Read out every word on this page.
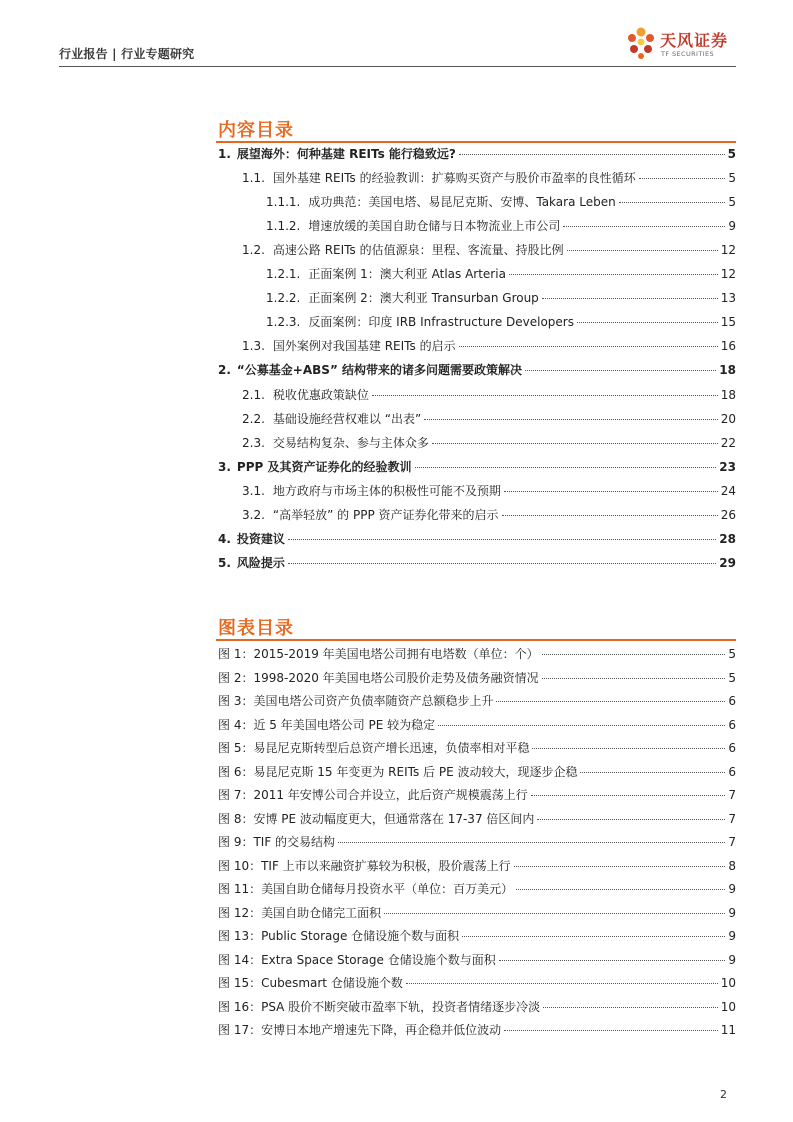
行业报告 | 行业专题研究
天风证券
TF SECURITIES
内容目录
1. 展望海外：何种基建 REITs 能行稳致远?	5
1.1. 国外基建 REITs 的经验教训：扩募购买资产与股价市盈率的良性循环	5
1.1.1. 成功典范：美国电塔、易昆尼克斯、安博、Takara Leben	5
1.1.2. 增速放缓的美国自助仓储与日本物流业上市公司	9
1.2. 高速公路 REITs 的估值源泉：里程、客流量、持股比例	12
1.2.1. 正面案例 1：澳大利亚 Atlas Arteria	12
1.2.2. 正面案例 2：澳大利亚 Transurban Group	13
1.2.3. 反面案例：印度 IRB Infrastructure Developers	15
1.3. 国外案例对我国基建 REITs 的启示	16
2. “公募基金+ABS” 结构带来的诸多问题需要政策解决	18
2.1. 税收优惠政策缺位	18
2.2. 基础设施经营权难以 “出表”	20
2.3. 交易结构复杂、参与主体众多	22
3. PPP 及其资产证券化的经验教训	23
3.1. 地方政府与市场主体的积极性可能不及预期	24
3.2. “高举轻放” 的 PPP 资产证券化带来的启示	26
4. 投资建议	28
5. 风险提示	29
图表目录
图 1：2015-2019 年美国电塔公司拥有电塔数（单位：个）	5
图 2：1998-2020 年美国电塔公司股价走势及债务融资情况	5
图 3：美国电塔公司资产负债率随资产总额稳步上升	6
图 4：近 5 年美国电塔公司 PE 较为稳定	6
图 5：易昆尼克斯转型后总资产增长迅速，负债率相对平稳	6
图 6：易昆尼克斯 15 年变更为 REITs 后 PE 波动较大，现逐步企稳	6
图 7：2011 年安博公司合并设立，此后资产规模震荡上行	7
图 8：安博 PE 波动幅度更大，但通常落在 17-37 倍区间内	7
图 9：TIF 的交易结构	7
图 10：TIF 上市以来融资扩募较为积极，股价震荡上行	8
图 11：美国自助仓储每月投资水平（单位：百万美元）	9
图 12：美国自助仓储完工面积	9
图 13：Public Storage 仓储设施个数与面积	9
图 14：Extra Space Storage 仓储设施个数与面积	9
图 15：Cubesmart 仓储设施个数	10
图 16：PSA 股价不断突破市盈率下轨，投资者情绪逐步冷淡	10
图 17：安博日本地产增速先下降，再企稳并低位波动	11
2
